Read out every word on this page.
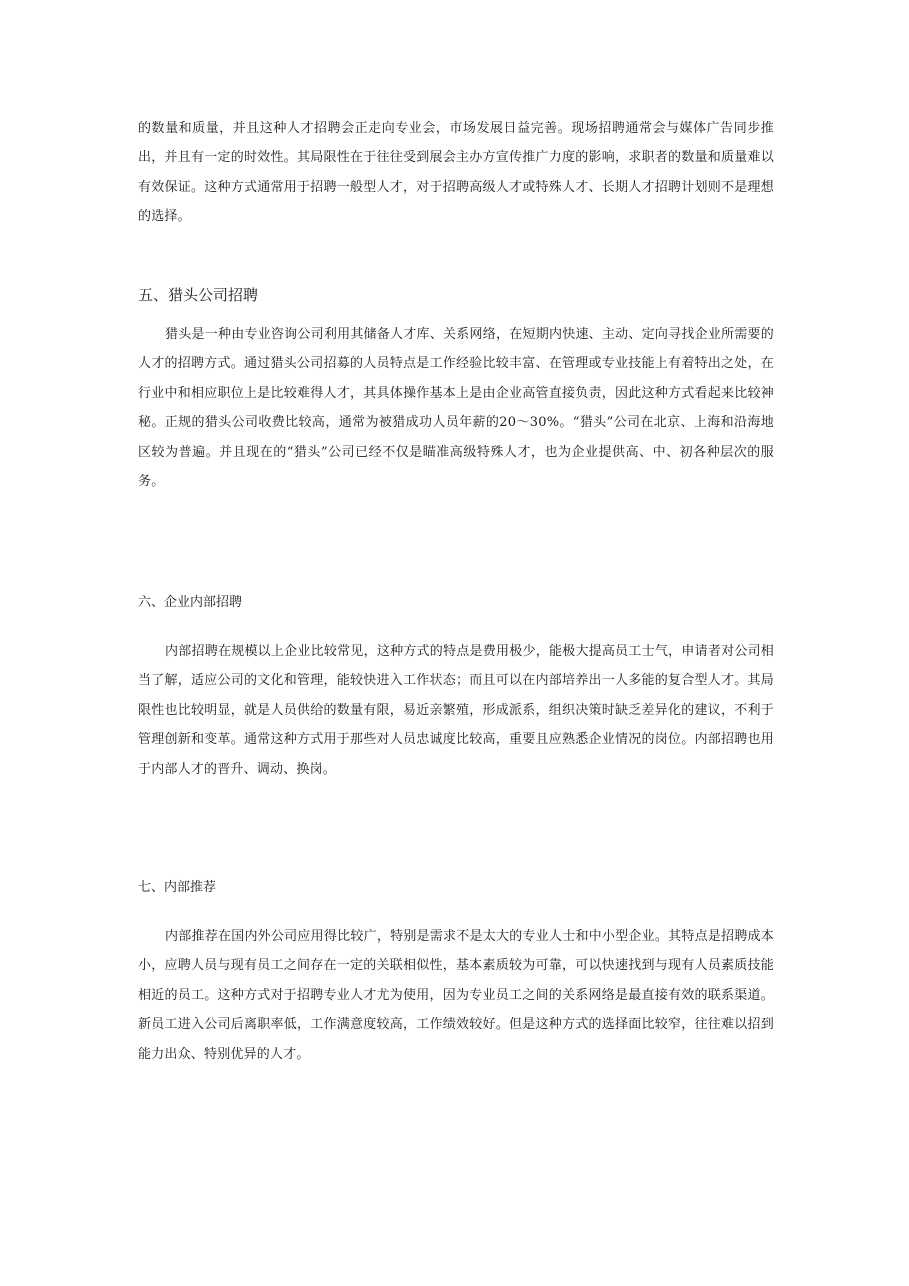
的数量和质量，并且这种人才招聘会正走向专业会，市场发展日益完善。现场招聘通常会与媒体广告同步推出，并且有一定的时效性。其局限性在于往往受到展会主办方宣传推广力度的影响，求职者的数量和质量难以有效保证。这种方式通常用于招聘一般型人才，对于招聘高级人才或特殊人才、长期人才招聘计划则不是理想的选择。

五、猎头公司招聘

猎头是一种由专业咨询公司利用其储备人才库、关系网络，在短期内快速、主动、定向寻找企业所需要的人才的招聘方式。通过猎头公司招募的人员特点是工作经验比较丰富、在管理或专业技能上有着特出之处，在行业中和相应职位上是比较难得人才，其具体操作基本上是由企业高管直接负责，因此这种方式看起来比较神秘。正规的猎头公司收费比较高，通常为被猎成功人员年薪的20～30%。“猎头”公司在北京、上海和沿海地区较为普遍。并且现在的“猎头”公司已经不仅是瞄准高级特殊人才，也为企业提供高、中、初各种层次的服务。

六、企业内部招聘

内部招聘在规模以上企业比较常见，这种方式的特点是费用极少，能极大提高员工士气，申请者对公司相当了解，适应公司的文化和管理，能较快进入工作状态；而且可以在内部培养出一人多能的复合型人才。其局限性也比较明显，就是人员供给的数量有限，易近亲繁殖，形成派系，组织决策时缺乏差异化的建议，不利于管理创新和变革。通常这种方式用于那些对人员忠诚度比较高，重要且应熟悉企业情况的岗位。内部招聘也用于内部人才的晋升、调动、换岗。

七、内部推荐

内部推荐在国内外公司应用得比较广，特别是需求不是太大的专业人士和中小型企业。其特点是招聘成本小，应聘人员与现有员工之间存在一定的关联相似性，基本素质较为可靠，可以快速找到与现有人员素质技能相近的员工。这种方式对于招聘专业人才尤为使用，因为专业员工之间的关系网络是最直接有效的联系渠道。新员工进入公司后离职率低，工作满意度较高，工作绩效较好。但是这种方式的选择面比较窄，往往难以招到能力出众、特别优异的人才。
